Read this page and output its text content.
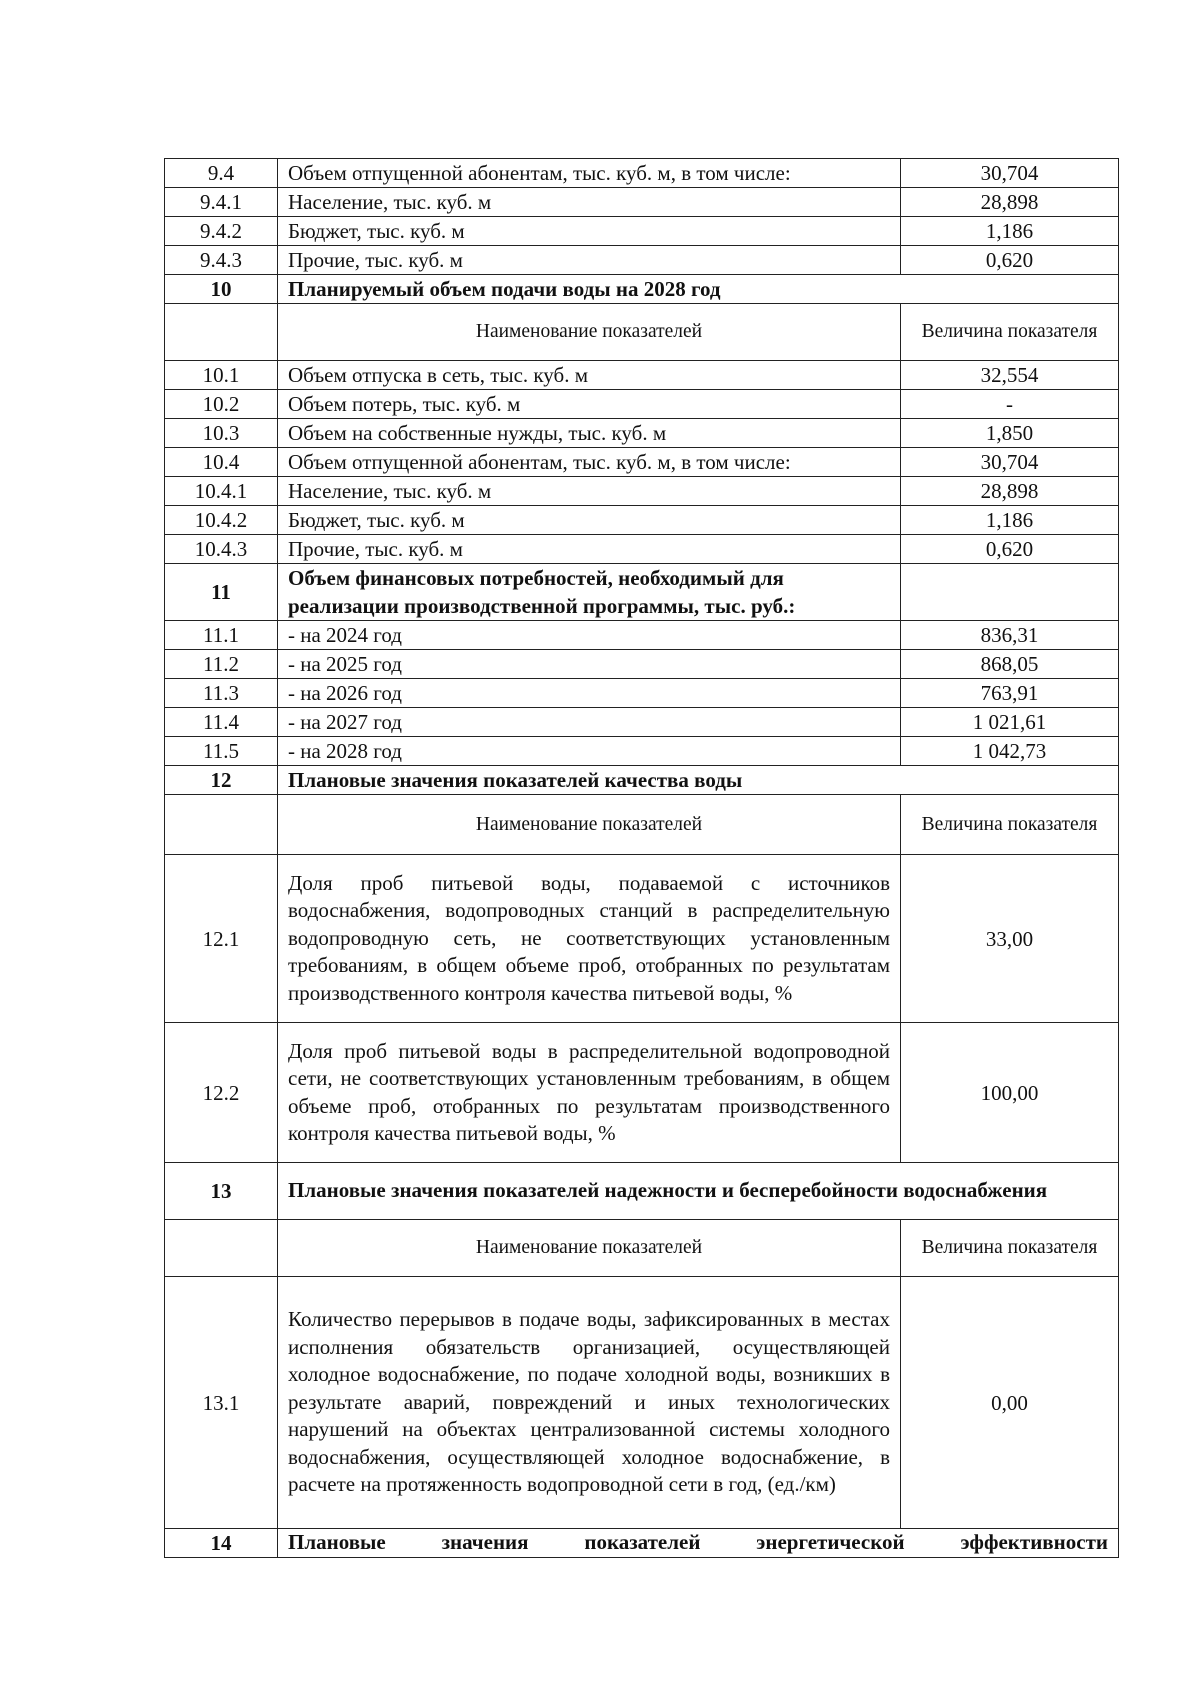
9.4	Объем отпущенной абонентам, тыс. куб. м, в том числе:	30,704
9.4.1	Население, тыс. куб. м	28,898
9.4.2	Бюджет, тыс. куб. м	1,186
9.4.3	Прочие, тыс. куб. м	0,620
10	Планируемый объем подачи воды на 2028 год	
	Наименование показателей	Величина показателя
10.1	Объем отпуска в сеть, тыс. куб. м	32,554
10.2	Объем потерь, тыс. куб. м	-
10.3	Объем на собственные нужды, тыс. куб. м	1,850
10.4	Объем отпущенной абонентам, тыс. куб. м, в том числе:	30,704
10.4.1	Население, тыс. куб. м	28,898
10.4.2	Бюджет, тыс. куб. м	1,186
10.4.3	Прочие, тыс. куб. м	0,620
11	Объем финансовых потребностей, необходимый для реализации производственной программы, тыс. руб.:	
11.1	- на 2024 год	836,31
11.2	- на 2025 год	868,05
11.3	- на 2026 год	763,91
11.4	- на 2027 год	1 021,61
11.5	- на 2028 год	1 042,73
12	Плановые значения показателей качества воды	
	Наименование показателей	Величина показателя
12.1	Доля проб питьевой воды, подаваемой с источников водоснабжения, водопроводных станций в распределительную водопроводную сеть, не соответствующих установленным требованиям, в общем объеме проб, отобранных по результатам производственного контроля качества питьевой воды, %	33,00
12.2	Доля проб питьевой воды в распределительной водопроводной сети, не соответствующих установленным требованиям, в общем объеме проб, отобранных по результатам производственного контроля качества питьевой воды, %	100,00
13	Плановые значения показателей надежности и бесперебойности водоснабжения	
	Наименование показателей	Величина показателя
13.1	Количество перерывов в подаче воды, зафиксированных в местах исполнения обязательств организацией, осуществляющей холодное водоснабжение, по подаче холодной воды, возникших в результате аварий, повреждений и иных технологических нарушений на объектах централизованной системы холодного водоснабжения, осуществляющей холодное водоснабжение, в расчете на протяженность водопроводной сети в год, (ед./км)	0,00
14	Плановые значения показателей энергетической эффективности	
